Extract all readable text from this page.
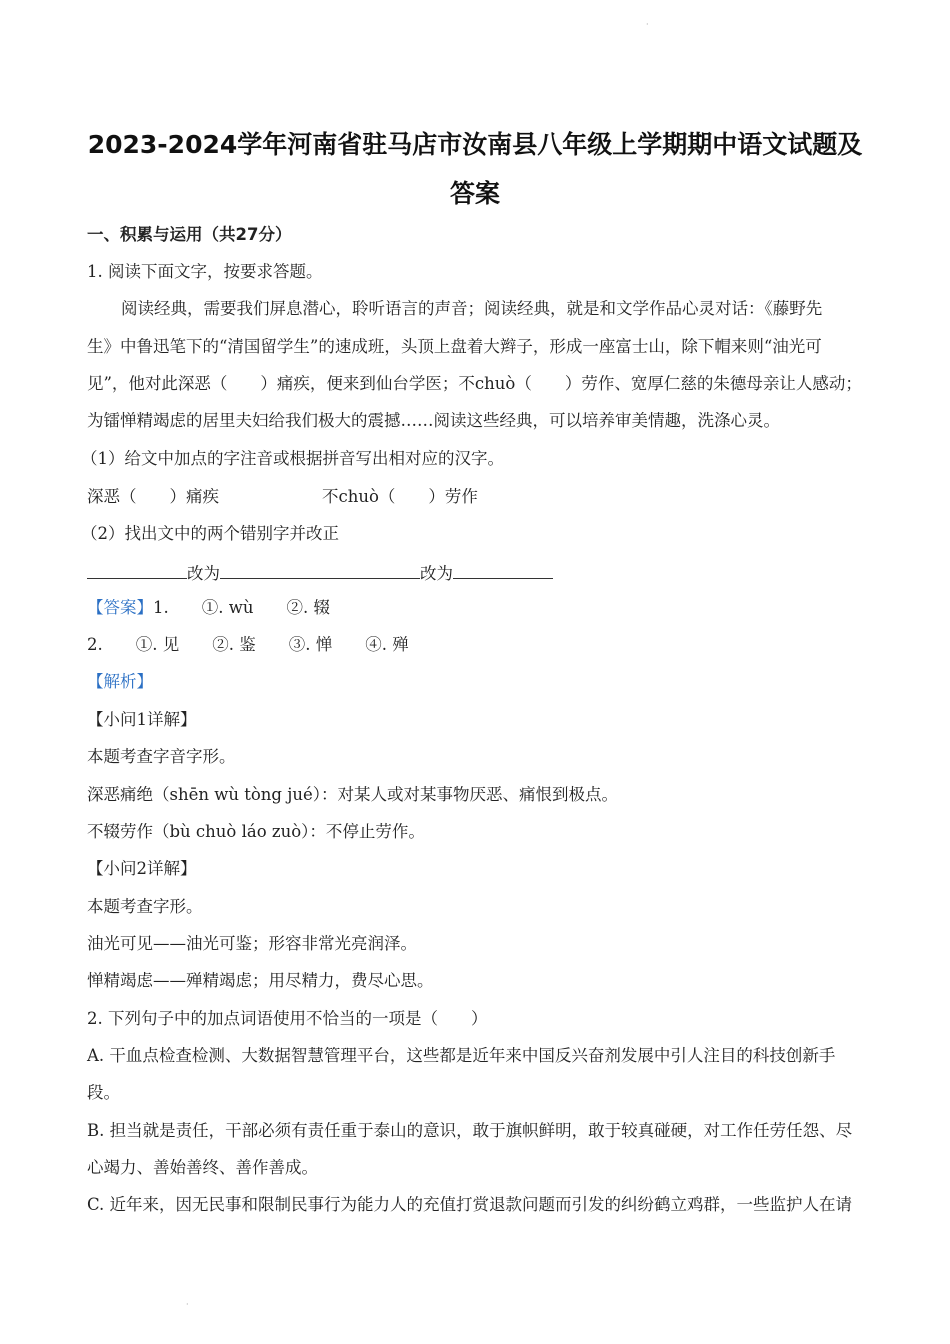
·
2023-2024学年河南省驻马店市汝南县八年级上学期期中语文试题及
答案
一、积累与运用（共27分）
1. 阅读下面文字，按要求答题。
阅读经典，需要我们屏息潜心，聆听语言的声音；阅读经典，就是和文学作品心灵对话：《藤野先
生》中鲁迅笔下的“清国留学生”的速成班，头顶上盘着大辫子，形成一座富士山，除下帽来则“油光可
见”，他对此深恶（　　）痛疾，便来到仙台学医；不chuò（　　）劳作、宽厚仁慈的朱德母亲让人感动；
为镭惮精竭虑的居里夫妇给我们极大的震撼……阅读这些经典，可以培养审美情趣，洗涤心灵。
（1）给文中加点的字注音或根据拼音写出相对应的汉字。
深恶（　　）痛疾	不chuò（　　）劳作
（2）找出文中的两个错别字并改正
改为	改为
【答案】1.　　①. wù　　②. 辍
2.　　①. 见　　②. 鉴　　③. 惮　　④. 殚
【解析】
【小问1详解】
本题考查字音字形。
深恶痛绝（shēn wù tòng jué）：对某人或对某事物厌恶、痛恨到极点。
不辍劳作（bù chuò láo zuò）：不停止劳作。
【小问2详解】
本题考查字形。
油光可见——油光可鉴；形容非常光亮润泽。
惮精竭虑——殚精竭虑；用尽精力，费尽心思。
2. 下列句子中的加点词语使用不恰当的一项是（　　）
A. 干血点检查检测、大数据智慧管理平台，这些都是近年来中国反兴奋剂发展中引人注目的科技创新手
段。
B. 担当就是责任，干部必须有责任重于泰山的意识，敢于旗帜鲜明，敢于较真碰硬，对工作任劳任怨、尽
心竭力、善始善终、善作善成。
C. 近年来，因无民事和限制民事行为能力人的充值打赏退款问题而引发的纠纷鹤立鸡群，一些监护人在请
·
